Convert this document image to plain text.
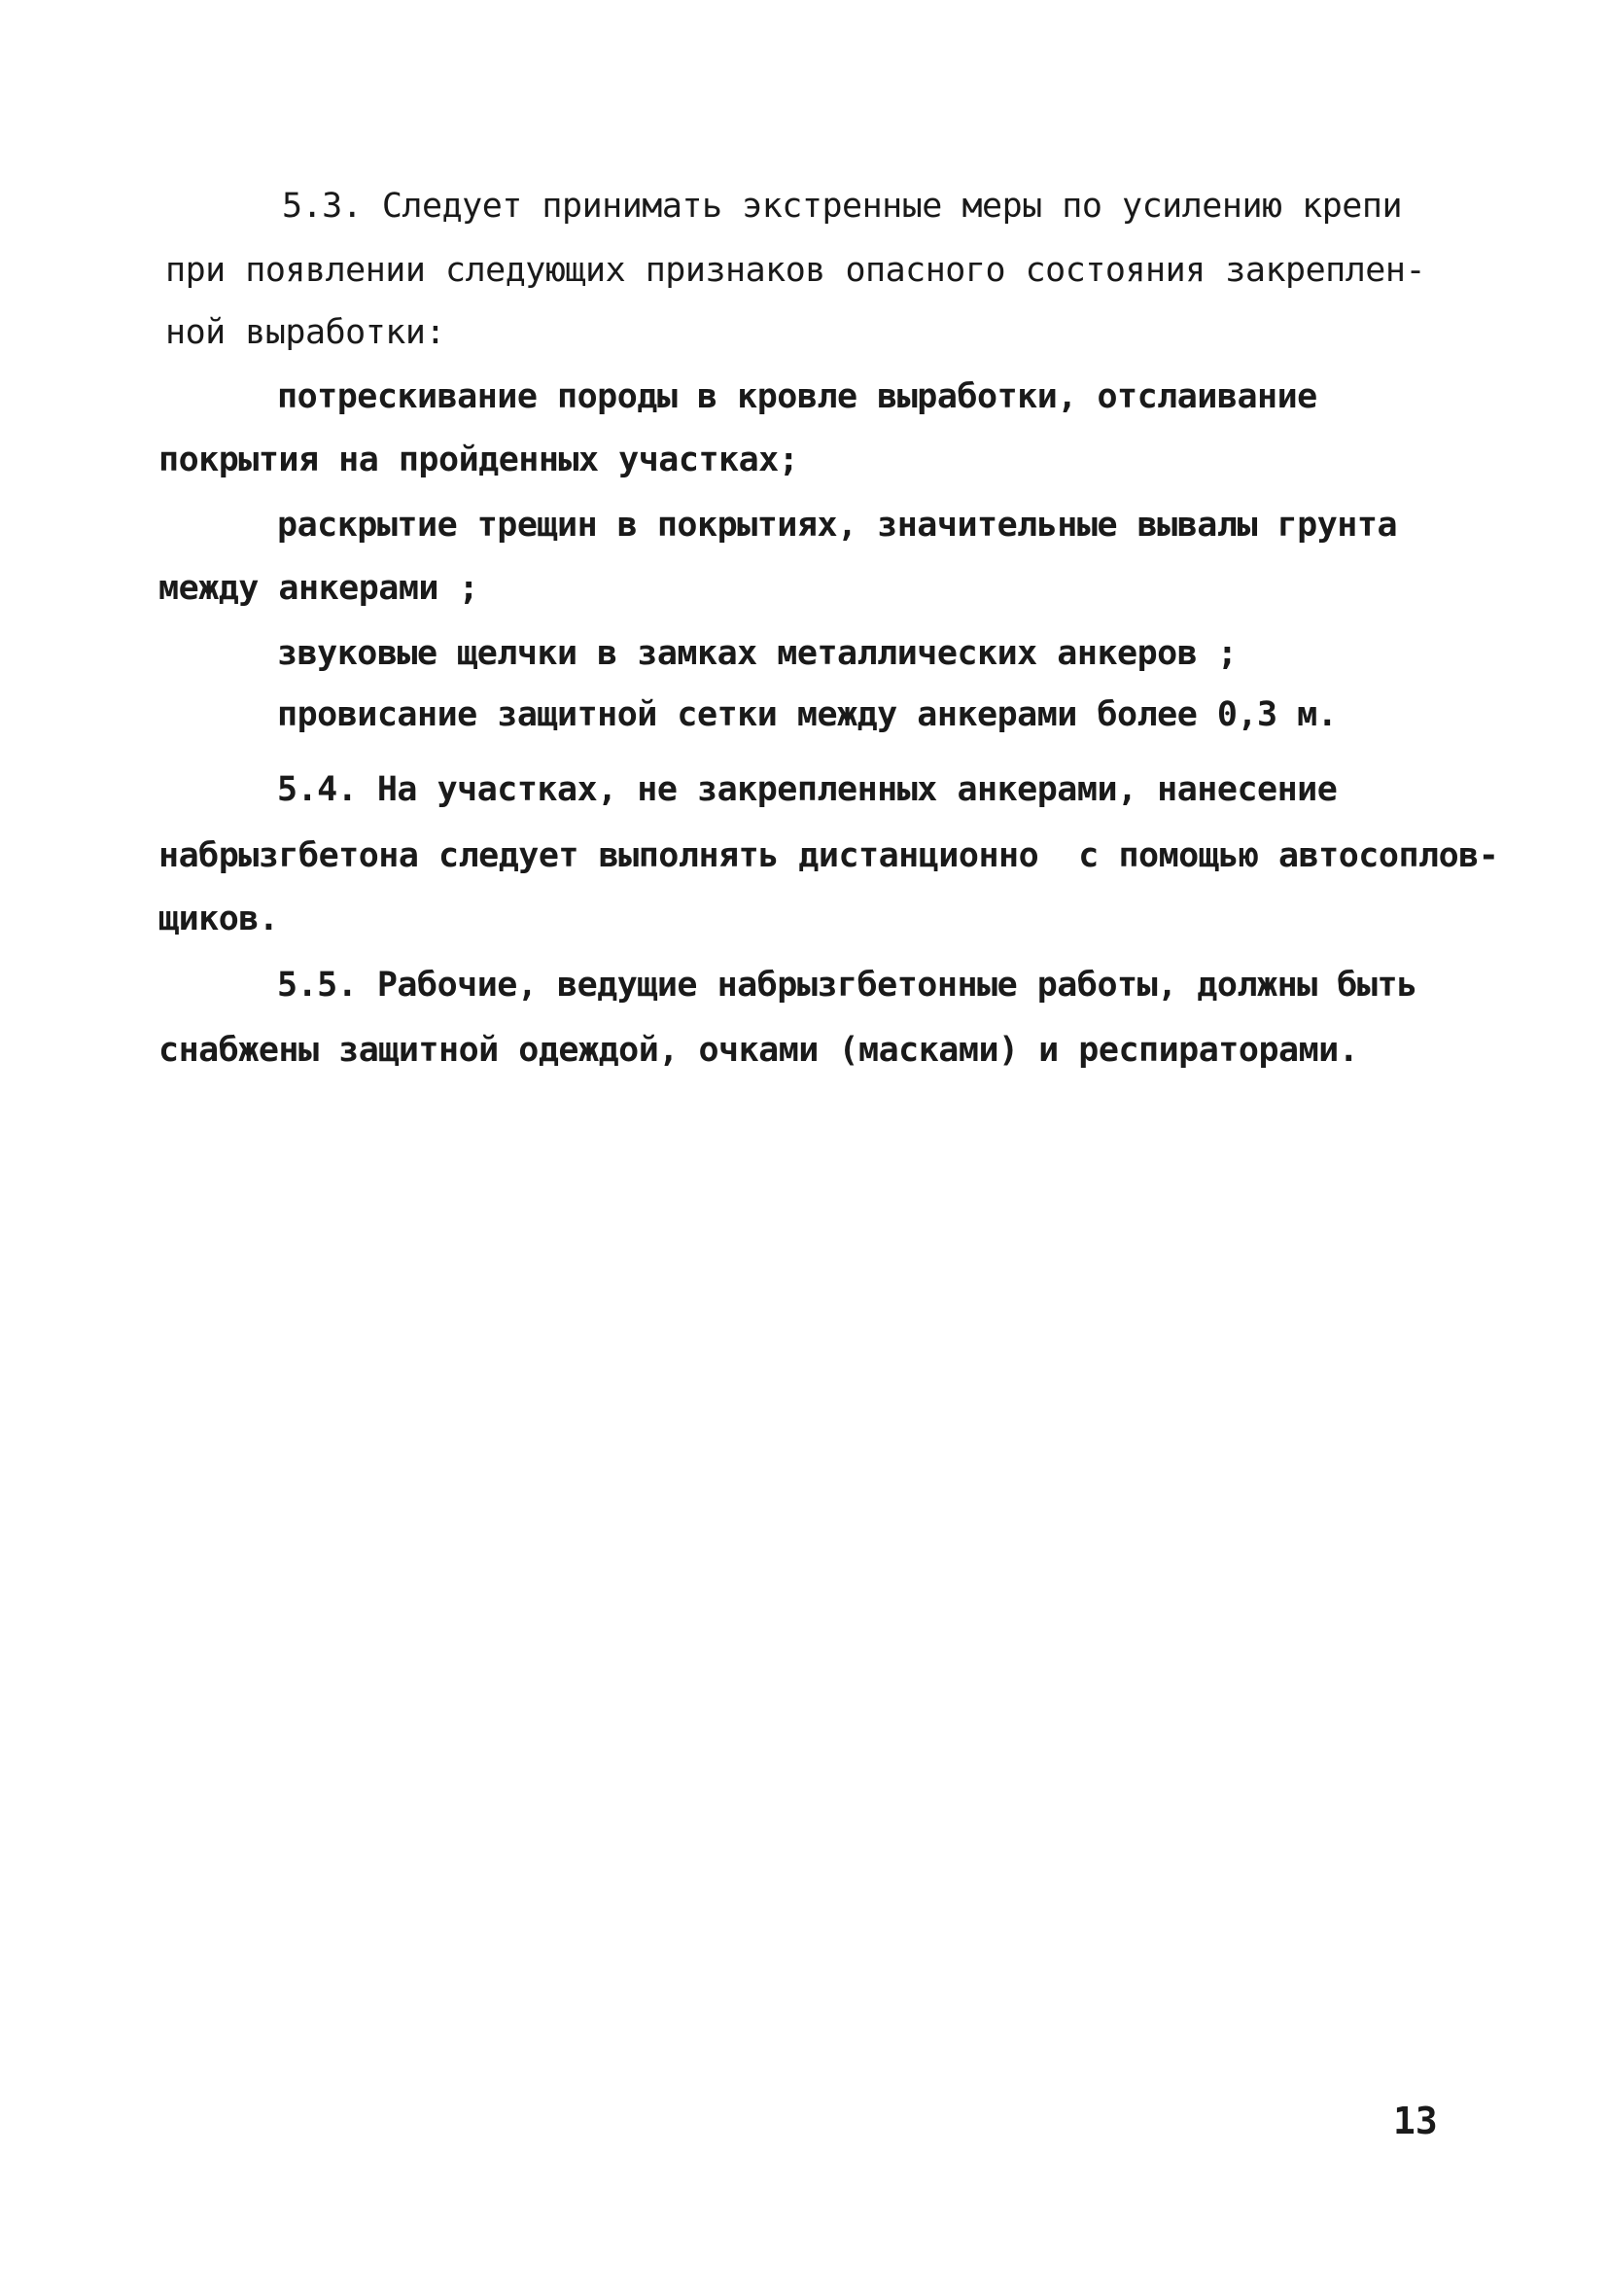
5.3. Следует принимать экстренные меры по усилению крепи
при появлении следующих признаков опасного состояния закреплен-
ной выработки:
потрескивание породы в кровле выработки, отслаивание
покрытия на пройденных участках;
раскрытие трещин в покрытиях, значительные вывалы грунта
между анкерами ;
звуковые щелчки в замках металлических анкеров ;
провисание защитной сетки между анкерами более 0,3 м.
5.4. На участках, не закрепленных анкерами, нанесение
набрызгбетона следует выполнять дистанционно  с помощью автосоплов-
щиков.
5.5. Рабочие, ведущие набрызгбетонные работы, должны быть
снабжены защитной одеждой, очками (масками) и респираторами.
13
